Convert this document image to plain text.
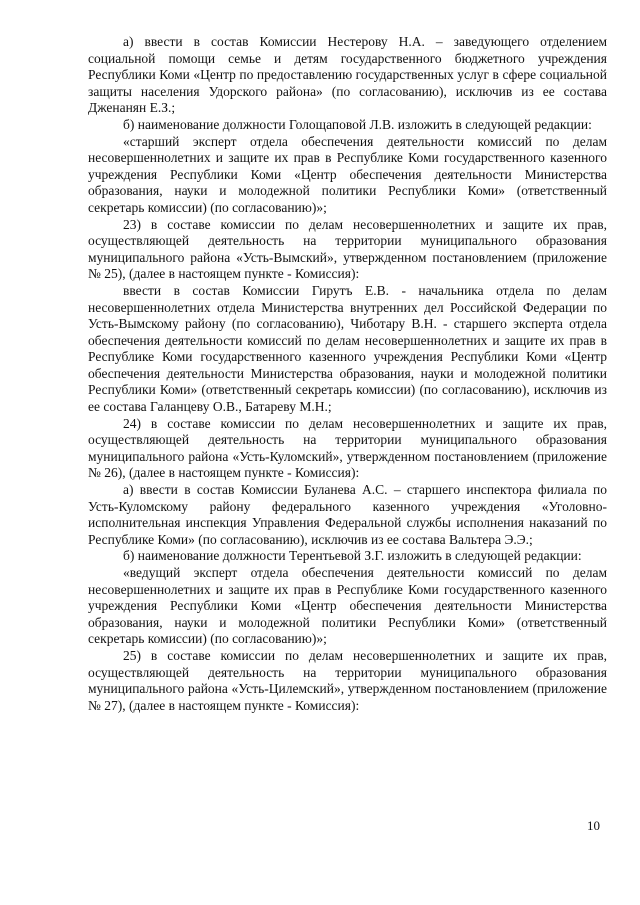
а) ввести в состав Комиссии Нестерову Н.А. – заведующего отделением социальной помощи семье и детям государственного бюджетного учреждения Республики Коми «Центр по предоставлению государственных услуг в сфере социальной защиты населения Удорского района» (по согласованию), исключив из ее состава Дженанян Е.З.;

б) наименование должности Голощаповой Л.В. изложить в следующей редакции:

«старший эксперт отдела обеспечения деятельности комиссий по делам несовершеннолетних и защите их прав в Республике Коми государственного казенного учреждения Республики Коми «Центр обеспечения деятельности Министерства образования, науки и молодежной политики Республики Коми» (ответственный секретарь комиссии) (по согласованию)»;

23) в составе комиссии по делам несовершеннолетних и защите их прав, осуществляющей деятельность на территории муниципального образования муниципального района «Усть-Вымский», утвержденном постановлением (приложение № 25), (далее в настоящем пункте - Комиссия):

ввести в состав Комиссии Гирутъ Е.В. - начальника отдела по делам несовершеннолетних отдела Министерства внутренних дел Российской Федерации по Усть-Вымскому району (по согласованию), Чиботару В.Н. - старшего эксперта отдела обеспечения деятельности комиссий по делам несовершеннолетних и защите их прав в Республике Коми государственного казенного учреждения Республики Коми «Центр обеспечения деятельности Министерства образования, науки и молодежной политики Республики Коми» (ответственный секретарь комиссии) (по согласованию), исключив из ее состава Галанцеву О.В., Батареву М.Н.;

24) в составе комиссии по делам несовершеннолетних и защите их прав, осуществляющей деятельность на территории муниципального образования муниципального района «Усть-Куломский», утвержденном постановлением (приложение № 26), (далее в настоящем пункте - Комиссия):

а) ввести в состав Комиссии Буланева А.С. – старшего инспектора филиала по Усть-Куломскому району федерального казенного учреждения «Уголовно-исполнительная инспекция Управления Федеральной службы исполнения наказаний по Республике Коми» (по согласованию), исключив из ее состава Вальтера Э.Э.;

б) наименование должности Терентьевой З.Г. изложить в следующей редакции:

«ведущий эксперт отдела обеспечения деятельности комиссий по делам несовершеннолетних и защите их прав в Республике Коми государственного казенного учреждения Республики Коми «Центр обеспечения деятельности Министерства образования, науки и молодежной политики Республики Коми» (ответственный секретарь комиссии) (по согласованию)»;

25) в составе комиссии по делам несовершеннолетних и защите их прав, осуществляющей деятельность на территории муниципального образования муниципального района «Усть-Цилемский», утвержденном постановлением (приложение № 27), (далее в настоящем пункте - Комиссия):

10
